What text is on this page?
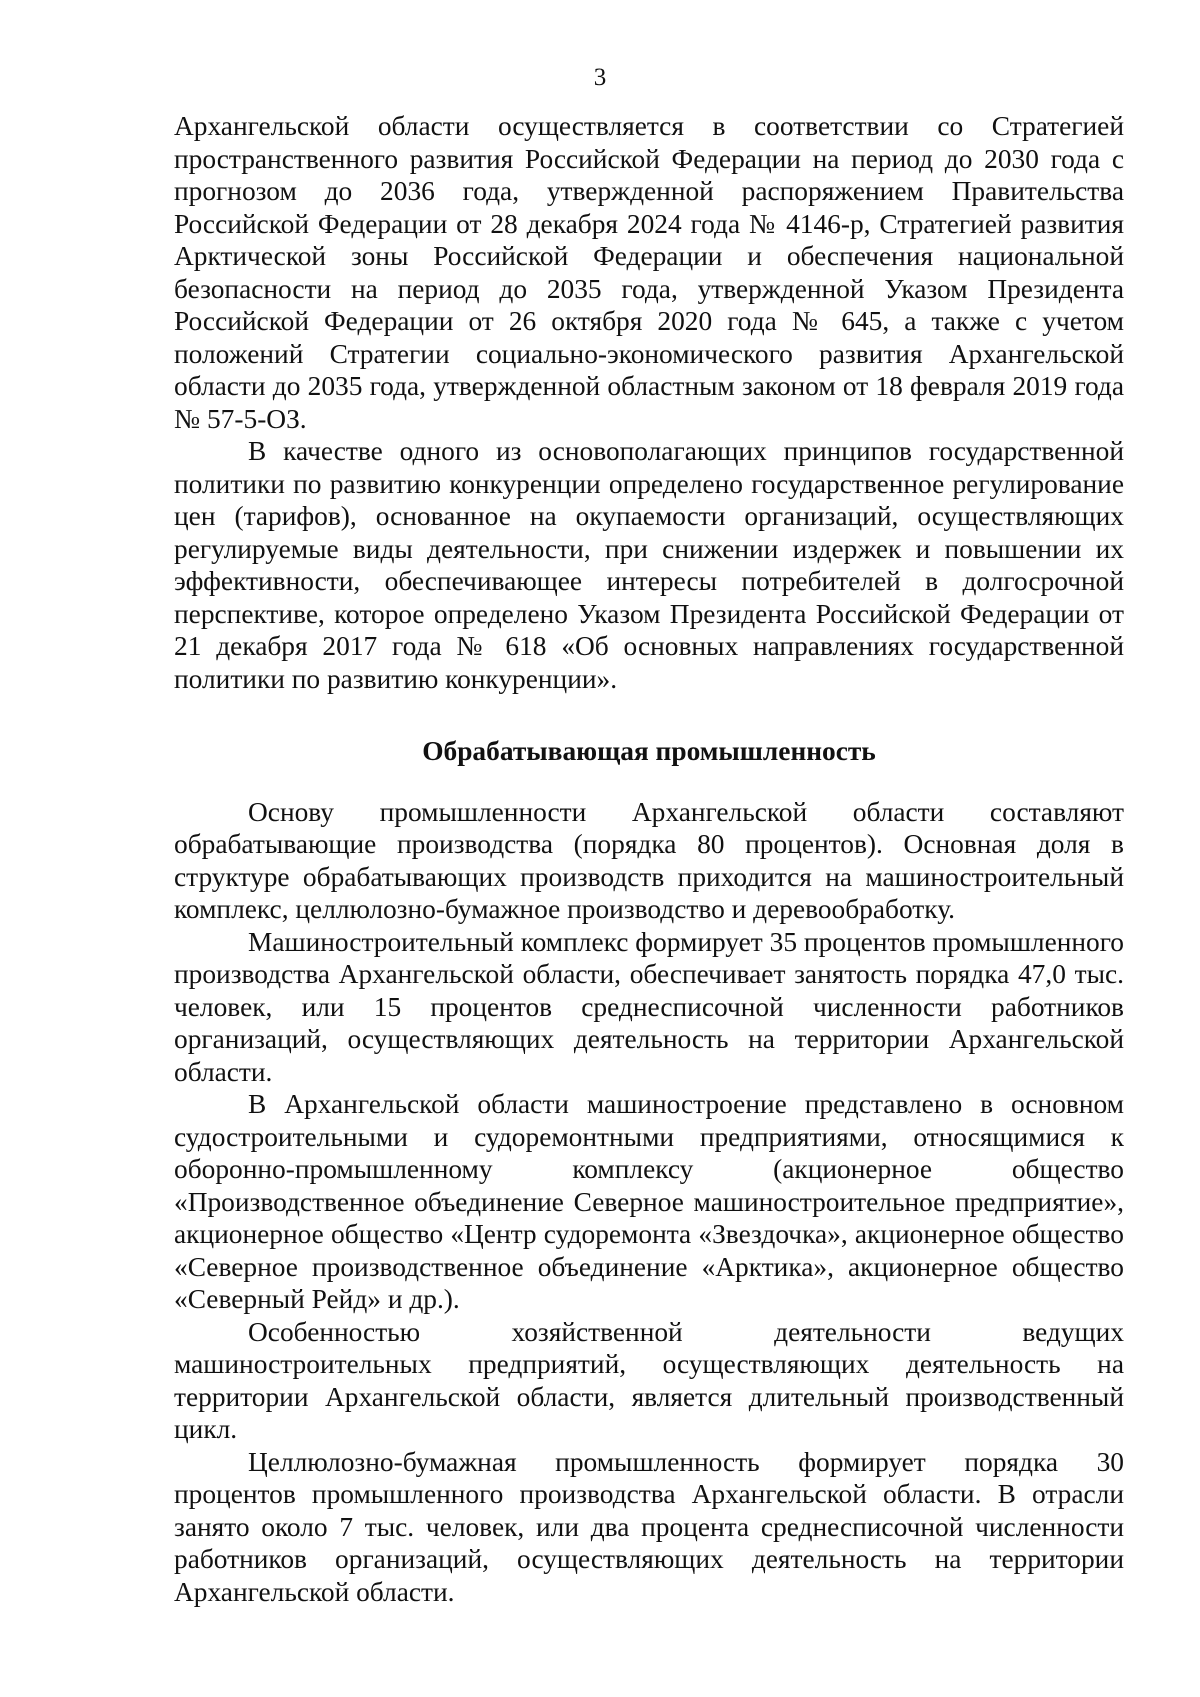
3

Архангельской области осуществляется в соответствии со Стратегией пространственного развития Российской Федерации на период до 2030 года с прогнозом до 2036 года, утвержденной распоряжением Правительства Российской Федерации от 28 декабря 2024 года № 4146-р, Стратегией развития Арктической зоны Российской Федерации и обеспечения национальной безопасности на период до 2035 года, утвержденной Указом Президента Российской Федерации от 26 октября 2020 года № 645, а также с учетом положений Стратегии социально-экономического развития Архангельской области до 2035 года, утвержденной областным законом от 18 февраля 2019 года № 57-5-ОЗ.

В качестве одного из основополагающих принципов государственной политики по развитию конкуренции определено государственное регулирование цен (тарифов), основанное на окупаемости организаций, осуществляющих регулируемые виды деятельности, при снижении издержек и повышении их эффективности, обеспечивающее интересы потребителей в долгосрочной перспективе, которое определено Указом Президента Российской Федерации от 21 декабря 2017 года № 618 «Об основных направлениях государственной политики по развитию конкуренции».

Обрабатывающая промышленность

Основу промышленности Архангельской области составляют обрабатывающие производства (порядка 80 процентов). Основная доля в структуре обрабатывающих производств приходится на машиностроительный комплекс, целлюлозно-бумажное производство и деревообработку.

Машиностроительный комплекс формирует 35 процентов промышленного производства Архангельской области, обеспечивает занятость порядка 47,0 тыс. человек, или 15 процентов среднесписочной численности работников организаций, осуществляющих деятельность на территории Архангельской области.

В Архангельской области машиностроение представлено в основном судостроительными и судоремонтными предприятиями, относящимися к оборонно-промышленному комплексу (акционерное общество «Производственное объединение Северное машиностроительное предприятие», акционерное общество «Центр судоремонта «Звездочка», акционерное общество «Северное производственное объединение «Арктика», акционерное общество «Северный Рейд» и др.).

Особенностью хозяйственной деятельности ведущих машиностроительных предприятий, осуществляющих деятельность на территории Архангельской области, является длительный производственный цикл.

Целлюлозно-бумажная промышленность формирует порядка 30 процентов промышленного производства Архангельской области. В отрасли занято около 7 тыс. человек, или два процента среднесписочной численности работников организаций, осуществляющих деятельность на территории Архангельской области.
